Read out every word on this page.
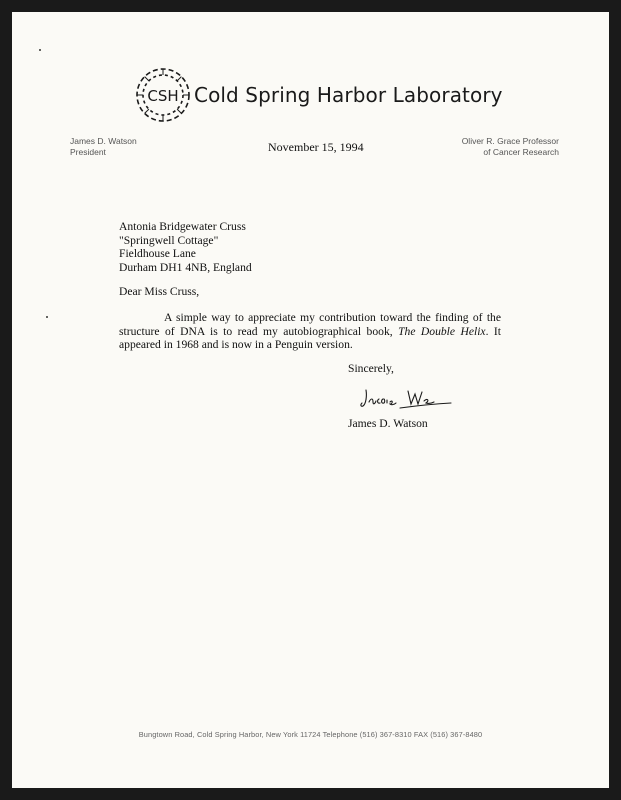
CSH Cold Spring Harbor Laboratory
James D. Watson
President	November 15, 1994	Oliver R. Grace Professor
of Cancer Research
Antonia Bridgewater Cruss
"Springwell Cottage"
Fieldhouse Lane
Durham DH1 4NB, England
Dear Miss Cruss,
A simple way to appreciate my contribution toward the finding of the structure of DNA is to read my autobiographical book, The Double Helix. It appeared in 1968 and is now in a Penguin version.
Sincerely,
James D. Watson
James D. Watson
Bungtown Road, Cold Spring Harbor, New York 11724 Telephone (516) 367-8310 FAX (516) 367-8480
